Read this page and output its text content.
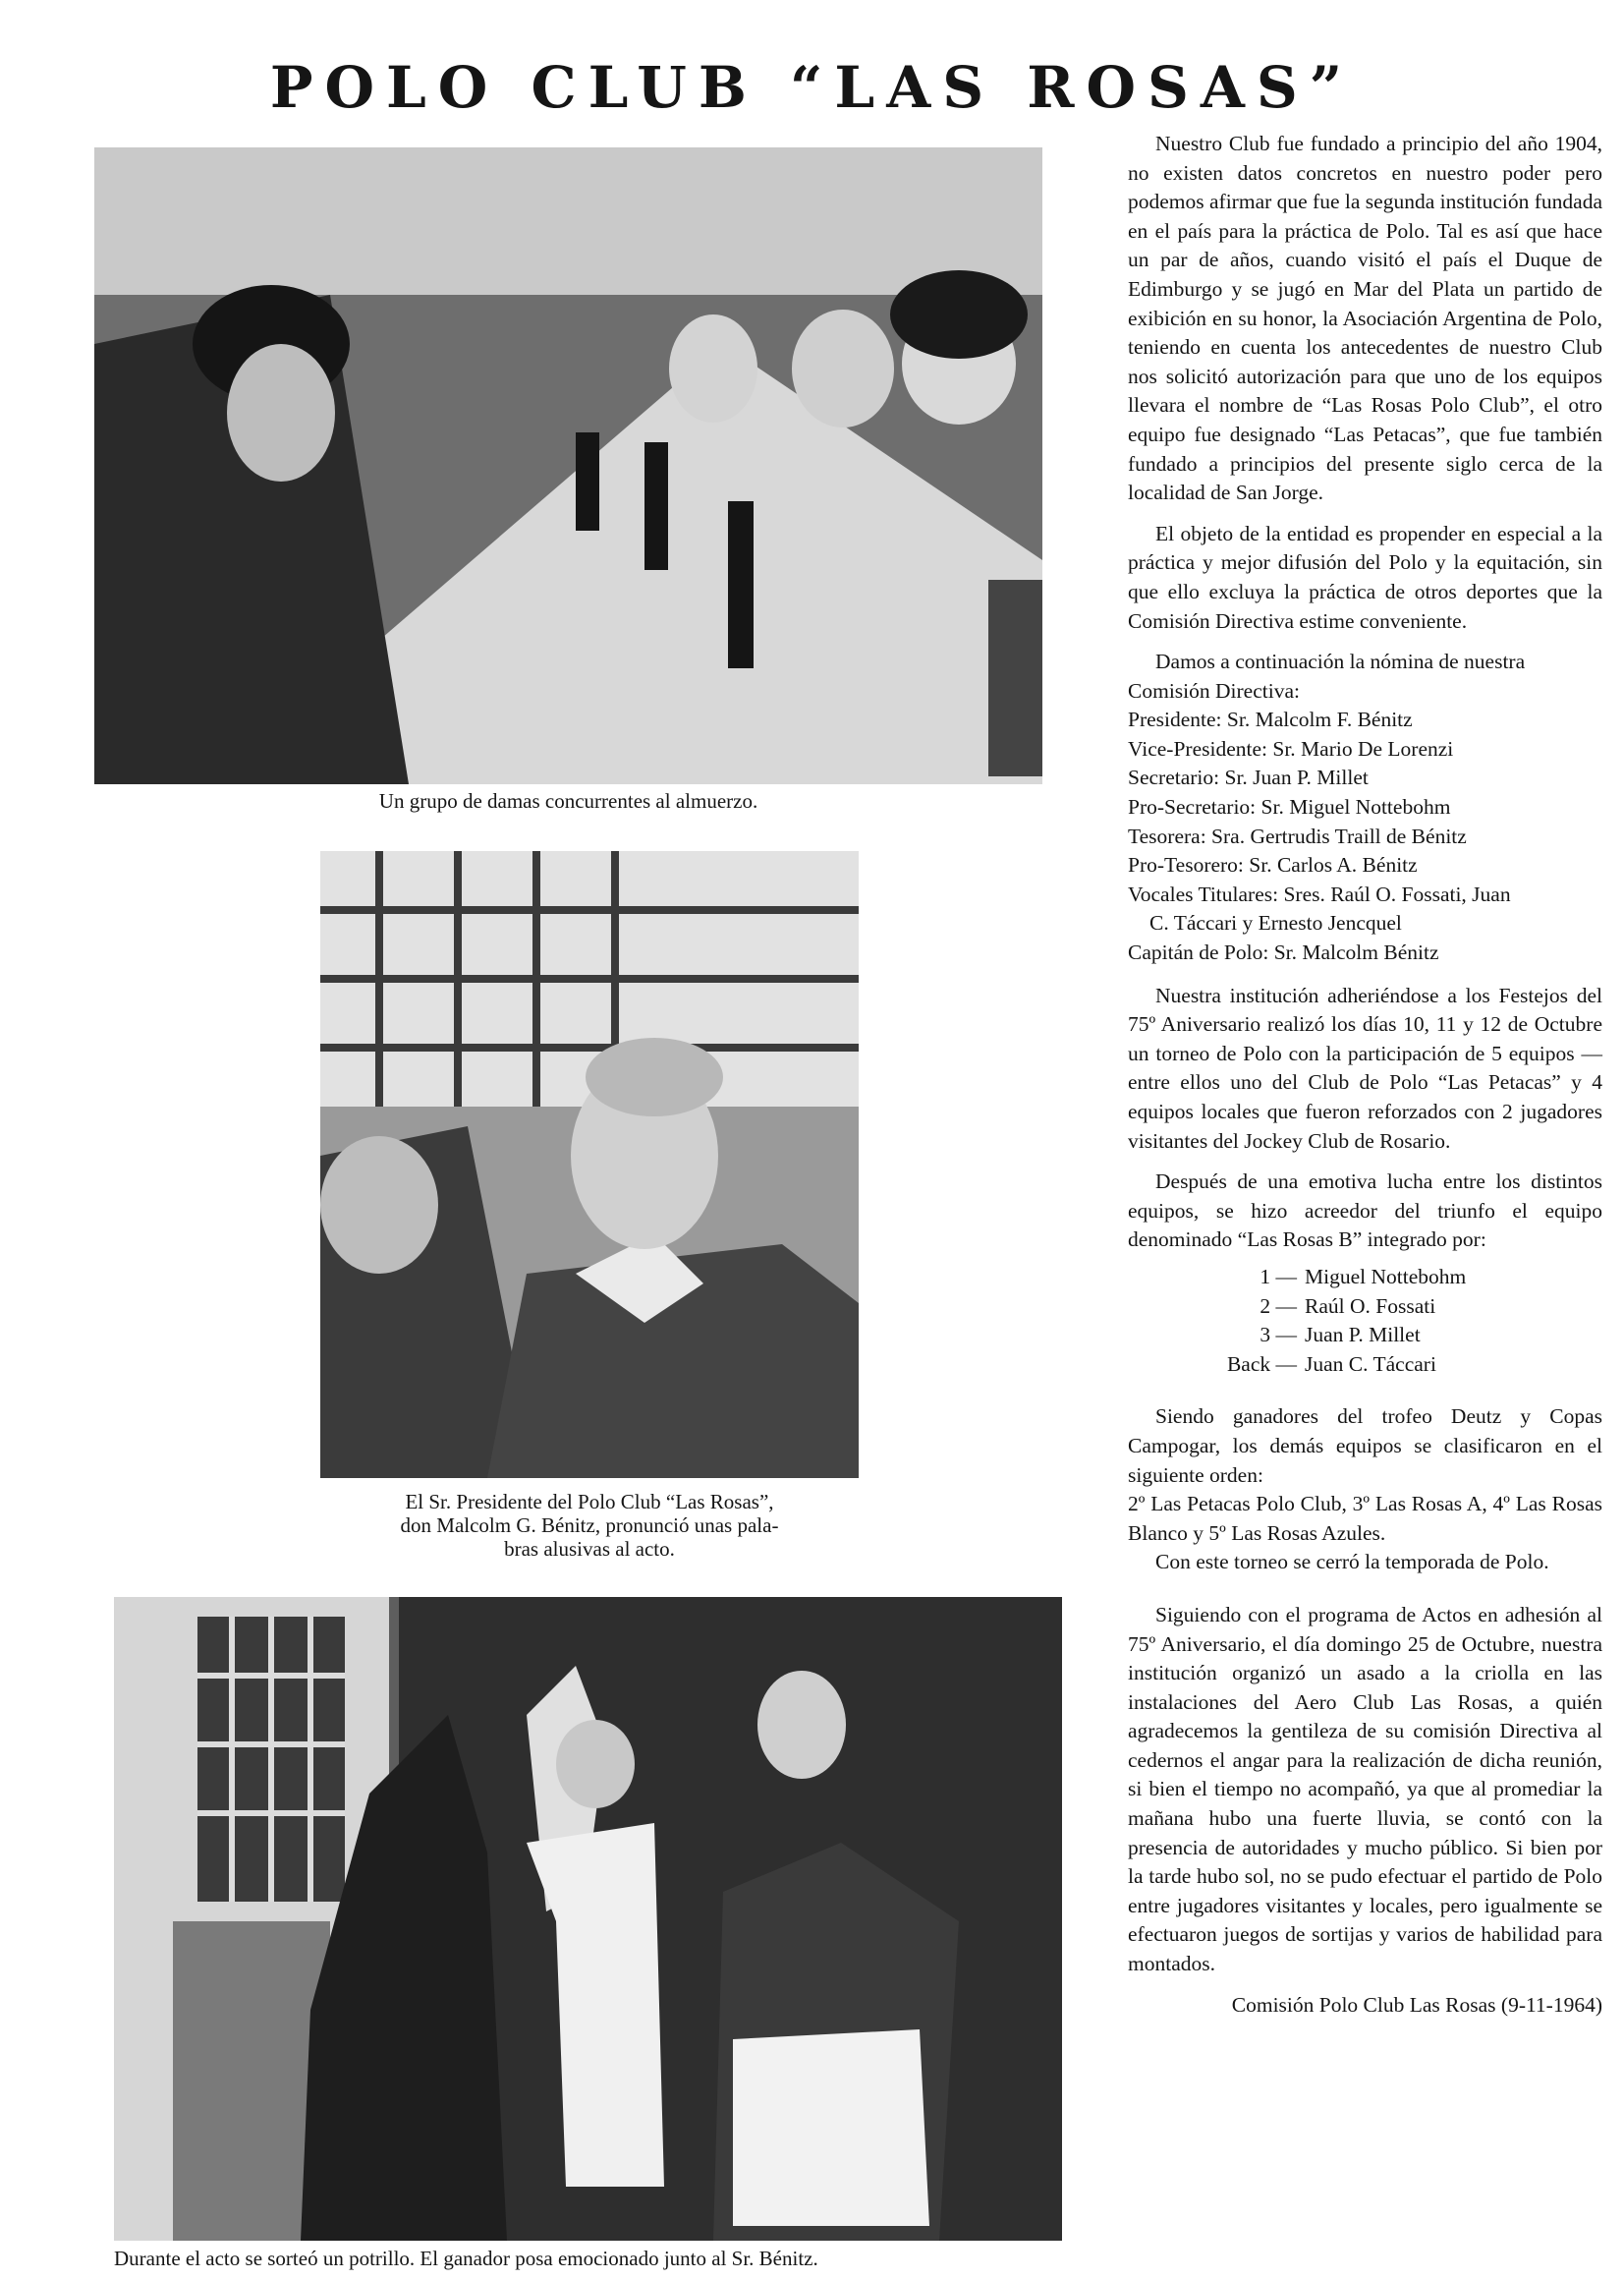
POLO CLUB “LAS ROSAS”
Un grupo de damas concurrentes al almuerzo.
El Sr. Presidente del Polo Club “Las Rosas”,
don Malcolm G. Bénitz, pronunció unas pala-
bras alusivas al acto.
Durante el acto se sorteó un potrillo. El ganador posa emocionado junto al Sr. Bénitz.

Nuestro Club fue fundado a principio del año 1904, no existen datos concretos en nuestro poder pero podemos afirmar que fue la segunda institución fundada en el país para la práctica de Polo. Tal es así que hace un par de años, cuando visitó el país el Duque de Edimburgo y se jugó en Mar del Plata un partido de exibición en su honor, la Asociación Argentina de Polo, teniendo en cuenta los antecedentes de nuestro Club nos solicitó autorización para que uno de los equipos llevara el nombre de “Las Rosas Polo Club”, el otro equipo fue designado “Las Petacas”, que fue también fundado a principios del presente siglo cerca de la localidad de San Jorge.

El objeto de la entidad es propender en especial a la práctica y mejor difusión del Polo y la equitación, sin que ello excluya la práctica de otros deportes que la Comisión Directiva estime conveniente.

Damos a continuación la nómina de nuestra

Comisión Directiva:

Presidente: Sr. Malcolm F. Bénitz
Vice-Presidente: Sr. Mario De Lorenzi
Secretario: Sr. Juan P. Millet
Pro-Secretario: Sr. Miguel Nottebohm
Tesorera: Sra. Gertrudis Traill de Bénitz
Pro-Tesorero: Sr. Carlos A. Bénitz
Vocales Titulares: Sres. Raúl O. Fossati, Juan
C. Táccari y Ernesto Jencquel
Capitán de Polo: Sr. Malcolm Bénitz

Nuestra institución adheriéndose a los Festejos del 75º Aniversario realizó los días 10, 11 y 12 de Octubre un torneo de Polo con la participación de 5 equipos —entre ellos uno del Club de Polo “Las Petacas” y 4 equipos locales que fueron reforzados con 2 jugadores visitantes del Jockey Club de Rosario.

Después de una emotiva lucha entre los distintos equipos, se hizo acreedor del triunfo el equipo denominado “Las Rosas B” integrado por:

1 — Miguel Nottebohm
2 — Raúl O. Fossati
3 — Juan P. Millet
Back — Juan C. Táccari

Siendo ganadores del trofeo Deutz y Copas Campogar, los demás equipos se clasificaron en el siguiente orden:

2º Las Petacas Polo Club, 3º Las Rosas A, 4º Las Rosas Blanco y 5º Las Rosas Azules.

Con este torneo se cerró la temporada de Polo.

Siguiendo con el programa de Actos en adhesión al 75º Aniversario, el día domingo 25 de Octubre, nuestra institución organizó un asado a la criolla en las instalaciones del Aero Club Las Rosas, a quién agradecemos la gentileza de su comisión Directiva al cedernos el angar para la realización de dicha reunión, si bien el tiempo no acompañó, ya que al promediar la mañana hubo una fuerte lluvia, se contó con la presencia de autoridades y mucho público. Si bien por la tarde hubo sol, no se pudo efectuar el partido de Polo entre jugadores visitantes y locales, pero igualmente se efectuaron juegos de sortijas y varios de habilidad para montados.

Comisión Polo Club Las Rosas (9-11-1964)
